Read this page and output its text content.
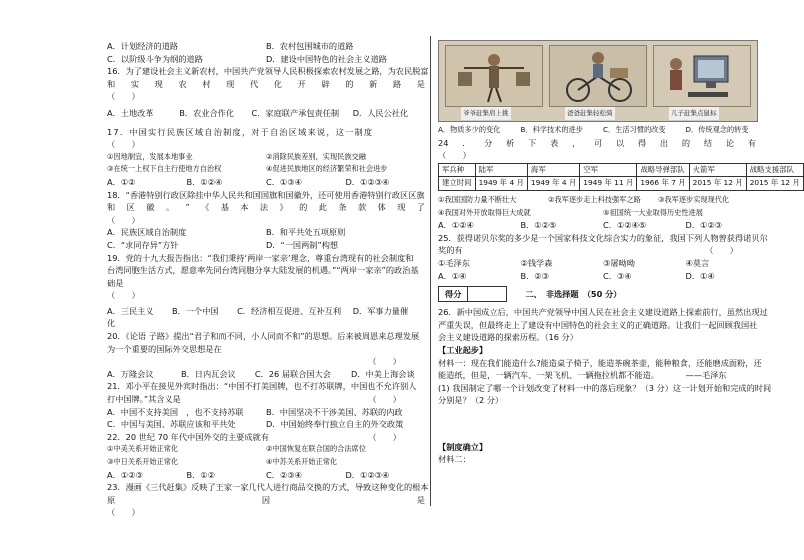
A．计划经济的道路	B．农村包围城市的道路
C．以阶级斗争为纲的道路	D．建设中国特色的社会主义道路
16．为了建设社会主义新农村，中国共产党领导人民积极探索农村发展之路，为农民脱富
和 实 现 农 村 现 代 化 开 辟 的 新 路 是
（　　）
A．土地改革	B．农业合作化	C．家庭联产承包责任制	D．人民公社化
17．中国实行民族区域自治制度，对于自治区域来说，这一制度
（　　）
①因地制宜，发展本地事业	②消除民族差别，实现民族交融
③在统一上权下自主行使地方自治权	④促进民族地区的经济繁荣和社会进步
A．①②	B．①②④	C．①③④	D．①②③④
18．“香港特别行政区除挂中华人民共和国国旗和国徽外，还可使用香港特别行政区区旗
和 区 徽 。 ” 《 基 本 法 》 的 此 条 款 体 现 了
（　　）
A．民族区域自治制度	B．和平共处五项原则
C．“求同存异”方针	D．“一国两制”构想
19．党的十九大报告指出：“我们秉持‘两岸一家亲’理念，尊重台湾现有的社会制度和
台湾同胞生活方式，愿意率先同台湾同胞分享大陆发展的机遇。”“两岸一家亲”的政治基
础是
（　　）
A．三民主义	B．一个中国	C．经济相互促进、互补互利	D．军事力量催
化
20．《论语 子路》提出“君子和而不同，小人同而不和”的思想。后来被周恩来总理发展
为一个重要的国际外交思想是在
（　　）
A．万隆会议	B．日内瓦会议	C．26 届联合国大会	D．中美上海会谈
21．邓小平在接见外宾时指出：“中国不打美国牌，也不打苏联牌，中国也不允许别人
打中国牌。”其含义是	（　　）
A．中国不支持美国　，也不支持苏联	B．中国坚决不干涉美国、苏联的内政
C．中国与美国、苏联应该和平共处	D．中国始终奉行独立自主的外交政策
22．20 世纪 70 年代中国外交的主要成就有	（　　）
①中美关系开始正常化	②中国恢复在联合国的合法席位
③中日关系开始正常化	④中苏关系开始正常化
A．①②③	B．①②	C．②③④	D．①②③④
23．漫画《三代赶集》反映了王家一家几代人进行商品交换的方式，导致这种变化的根本
原	因	是
（　　）
爷爷赶集肩上挑	爸爸赶集轻松骑	儿子赶集点鼠标
A．物质多少的变化	B．科学技术的进步	C．生活习惯的改变	D．传统观念的转变
24 ． 分 析 下 表 ， 可 以 得 出 的 结 论 有
（　　）
军兵种	陆军	海军	空军	战略导弹部队	火箭军	战略支援部队
建立时间	1949 年 4 月	1949 年 4 月	1949 年 11 月	1966 年 7 月	2015 年 12 月	2015 年 12 月
①我国国防力量不断壮大	②我军逐步走上科技强军之路	③我军逐步实现现代化
④我国对外开放取得巨大成就	⑤祖国统一大业取得历史性进展
A．①②④	B．①②⑤	C．①②④⑤	D．①②③
25．获得诺贝尔奖的多少是一个国家科技文化综合实力的象征，我国下列人物曾获得诺贝尔
奖的有	（　　）
①毛泽东	②钱学森	③屠呦呦	④莫言
A．①④	B．②③	C．③④	D．①④
得分	二、　非选择题　（50 分）
26．新中国成立后，中国共产党领导中国人民在社会主义建设道路上探索前行，虽然出现过
严重失误，但最终走上了建设有中国特色的社会主义的正确道路。让我们一起回顾我国社
会主义建设道路的探索历程。（16 分）
【工业起步】
材料一：现在我们能造什么?能造桌子椅子，能造茶碗茶壶，能种粮食，还能磨成面粉，还
能造纸，但是，一辆汽车、一架飞机、一辆拖拉机都不能造。	——毛泽东
(1) 我国制定了哪一个计划改变了材料一中的落后现象？（3 分）这一计划开始和完成的时间
分别是？（2 分）
【制度确立】
材料二：
